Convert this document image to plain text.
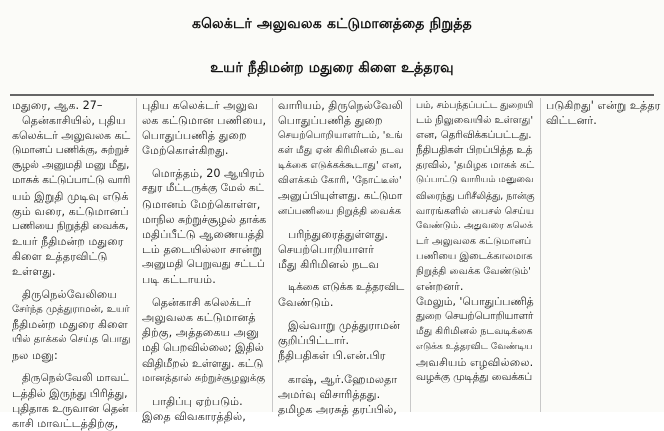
கலெக்டர் அலுவலக கட்டுமானத்தை நிறுத்த
உயர் நீதிமன்ற மதுரை கிளை உத்தரவு

மதுரை, ஆக. 27–

தென்காசியில், புதிய

கலெக்டர் அலுவலக கட்

டுமானப் பணிக்கு, சுற்றுச்

சூழல் அனுமதி மனு மீது,

மாசுக் கட்டுப்பாட்டு வாரி

யம் இறுதி முடிவு எடுக்

கும் வரை, கட்டுமானப்

பணியை நிறுத்தி வைக்க,

உயர் நீதிமன்ற மதுரை

கிளை உத்தரவிட்டு

உள்ளது.

திருநெல்வேலியை

சேர்ந்த முத்துராமன், உயர்

நீதிமன்ற மதுரை கிளை

யில் தாக்கல் செய்த பொது

நல மனு:

திருநெல்வேலி மாவட்

டத்தில் இருந்து பிரித்து,

புதிதாக உருவான தென்

காசி மாவட்டத்திற்கு,

புதிய கலெக்டர் அலுவ

லக கட்டுமான பணியை,

பொதுப்பணித் துறை

மேற்கொள்கிறது.

மொத்தம், 20 ஆயிரம்

சதுர மீட்டருக்கு மேல் கட்

டுமானம் மேற்கொள்ள,

மாநில சுற்றுச்சூழல் தாக்க

மதிப்பீட்டு ஆணையத்தி

டம் தடையில்லா சான்று

அனுமதி பெறுவது சட்டப்

படி கட்டாயம்.

தென்காசி கலெக்டர்

அலுவலக கட்டுமானத்

திற்கு, அத்தகைய அனு

மதி பெறவில்லை; இதில்

விதிமீறல் உள்ளது. கட்டு

மானத்தால் சுற்றுச்சூழலுக்கு

பாதிப்பு ஏற்படும்.

இதை விவகாரத்தில்,

வாரியம், திருநெல்வேலி

பொதுப்பணித் துறை

செயற்பொறியாளர்டம், 'உங்

கள் மீது ஏன் கிரிமினல் நடவ

டிக்கை எடுக்கக்கூடாது' என,

விளக்கம் கோரி, 'நோட்டீஸ்'

அனுப்பியுள்ளது. கட்டுமா

னப்பணியை நிறுத்தி வைக்க

பரிந்துரைத்துள்ளது.

செயற்பொறியாளர்

மீது கிரிமினல் நடவ

டிக்கை எடுக்க உத்தரவிட

வேண்டும்.

இவ்வாறு முத்துராமன்

குறிப்பிட்டார்.

நீதிபதிகள் பி.என்.பிர

காஷ், ஆர்.ஹேமலதா

அமர்வு விசாரித்தது.

தமிழக அரசுத் தரப்பில்,

பம், சம்பந்தப்பட்ட துறையி

டம் நிலுவையில் உள்ளது'

என, தெரிவிக்கப்பட்டது.

நீதிபதிகள் பிறப்பித்த உத்

தரவில், 'தமிழக மாசுக் கட்

டுப்பாட்டு வாரியம் மனுவை

விரைந்து பரிசீலித்து, நான்கு

வாரங்களில் பைசல் செய்ய

வேண்டும். அதுவரை கலெக்

டர் அலுவலக கட்டுமானப்

பணியை இடைக்காலமாக

நிறுத்தி வைக்க வேண்டும்'

என்றனர்.

மேலும், 'பொதுப்பணித்

துறை செயற்பொறியாளர்

மீது கிரிமினல் நடவடிக்கை

எடுக்க உத்தரவிட வேண்டிய

அவசியம் எழவில்லை.

வழக்கு முடித்து வைக்கப்

படுகிறது' என்று உத்தர

விட்டனர்.
